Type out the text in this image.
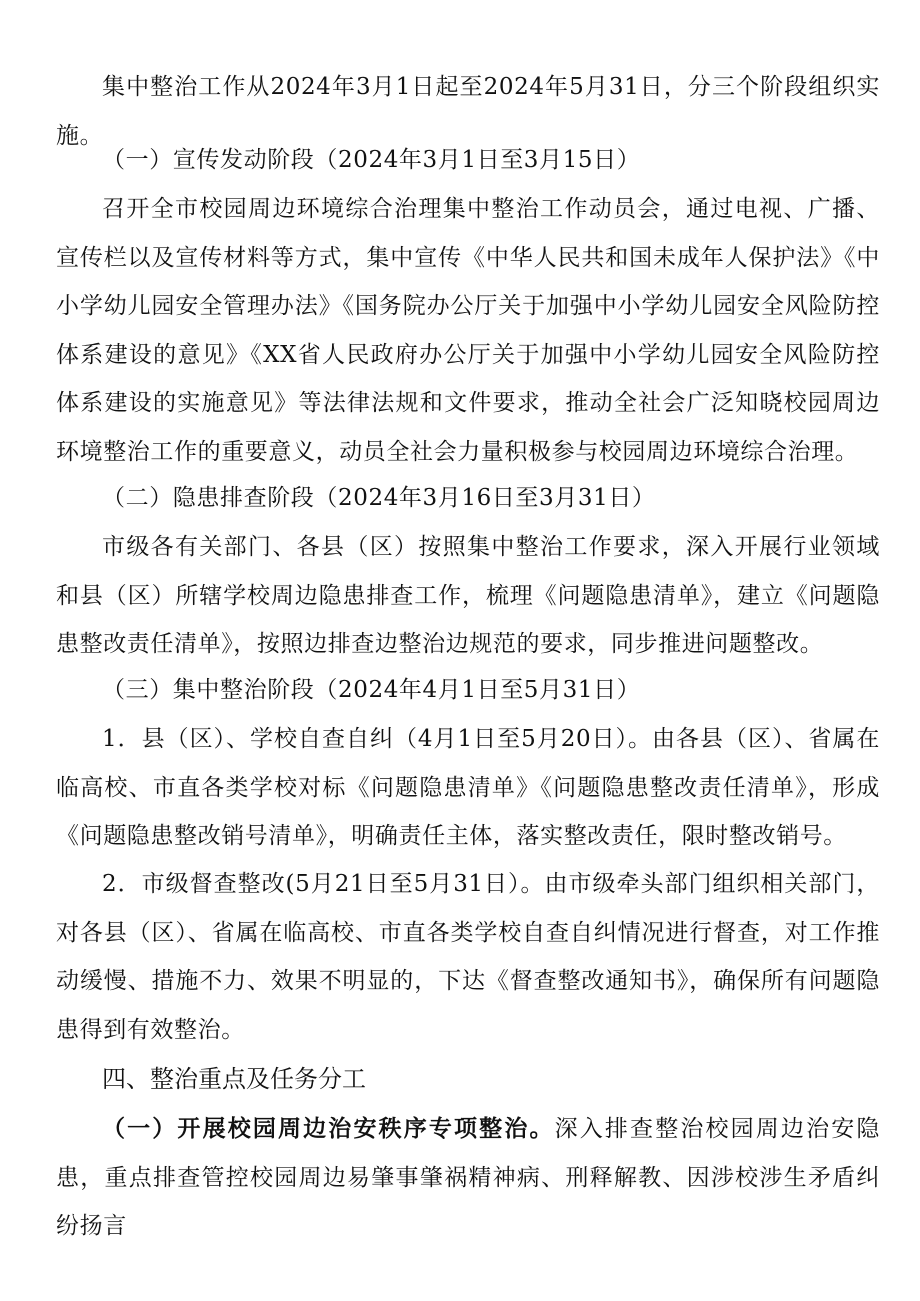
集中整治工作从2024年3月1日起至2024年5月31日，分三个阶段组织实施。

（一）宣传发动阶段（2024年3月1日至3月15日）

召开全市校园周边环境综合治理集中整治工作动员会，通过电视、广播、宣传栏以及宣传材料等方式，集中宣传《中华人民共和国未成年人保护法》《中小学幼儿园安全管理办法》《国务院办公厅关于加强中小学幼儿园安全风险防控体系建设的意见》《XX省人民政府办公厅关于加强中小学幼儿园安全风险防控体系建设的实施意见》等法律法规和文件要求，推动全社会广泛知晓校园周边环境整治工作的重要意义，动员全社会力量积极参与校园周边环境综合治理。

（二）隐患排查阶段（2024年3月16日至3月31日）

市级各有关部门、各县（区）按照集中整治工作要求，深入开展行业领域和县（区）所辖学校周边隐患排查工作，梳理《问题隐患清单》，建立《问题隐患整改责任清单》，按照边排查边整治边规范的要求，同步推进问题整改。

（三）集中整治阶段（2024年4月1日至5月31日）

1．县（区）、学校自查自纠（4月1日至5月20日）。由各县（区）、省属在临高校、市直各类学校对标《问题隐患清单》《问题隐患整改责任清单》，形成《问题隐患整改销号清单》，明确责任主体，落实整改责任，限时整改销号。

2．市级督查整改(5月21日至5月31日）。由市级牵头部门组织相关部门，对各县（区）、省属在临高校、市直各类学校自查自纠情况进行督查，对工作推动缓慢、措施不力、效果不明显的，下达《督查整改通知书》，确保所有问题隐患得到有效整治。

四、整治重点及任务分工

（一）开展校园周边治安秩序专项整治。深入排查整治校园周边治安隐患，重点排查管控校园周边易肇事肇祸精神病、刑释解教、因涉校涉生矛盾纠纷扬言
